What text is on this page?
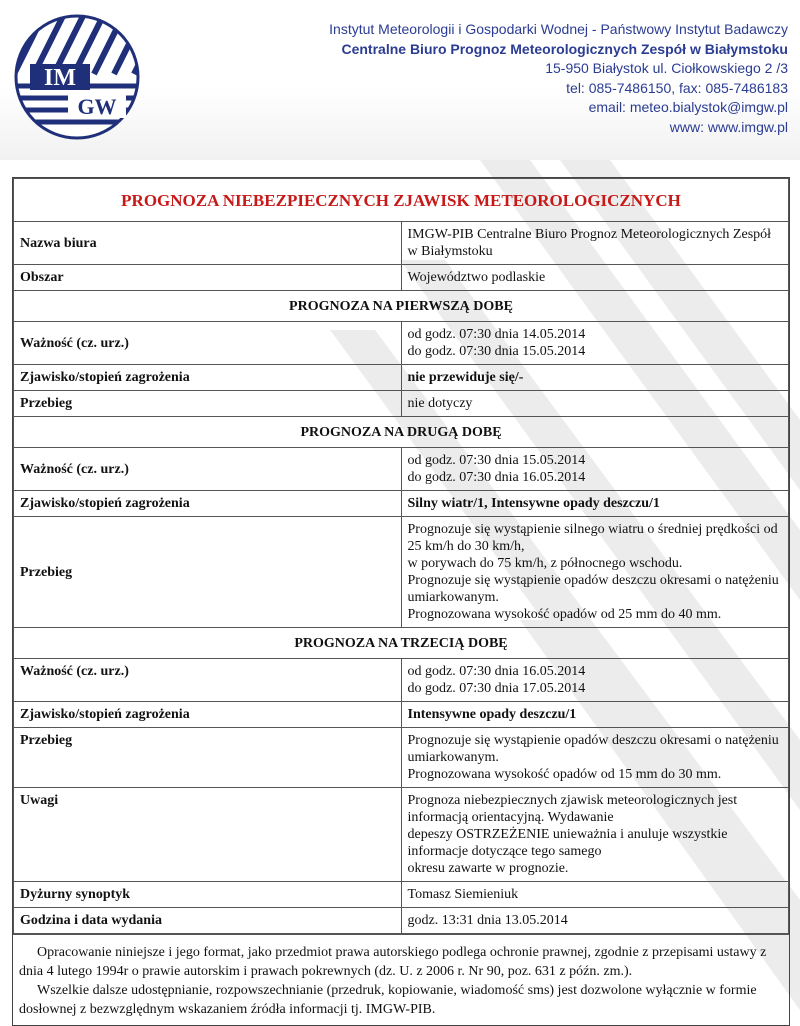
IM
GW
Instytut Meteorologii i Gospodarki Wodnej - Państwowy Instytut Badawczy
Centralne Biuro Prognoz Meteorologicznych Zespół w Białymstoku
15-950 Białystok ul. Ciołkowskiego 2 /3
tel: 085-7486150, fax: 085-7486183
email: meteo.bialystok@imgw.pl
www: www.imgw.pl
PROGNOZA NIEBEZPIECZNYCH ZJAWISK METEOROLOGICZNYCH	
Nazwa biura	IMGW-PIB Centralne Biuro Prognoz Meteorologicznych Zespół w Białymstoku
Obszar	Województwo podlaskie
PROGNOZA NA PIERWSZĄ DOBĘ	
Ważność (cz. urz.)	od godz. 07:30 dnia 14.05.2014
do godz. 07:30 dnia 15.05.2014

Zjawisko/stopień zagrożenia	nie przewiduje się/-
Przebieg	nie dotyczy
PROGNOZA NA DRUGĄ DOBĘ	
Ważność (cz. urz.)	od godz. 07:30 dnia 15.05.2014
do godz. 07:30 dnia 16.05.2014

Zjawisko/stopień zagrożenia	Silny wiatr/1, Intensywne opady deszczu/1
Przebieg	Prognozuje się wystąpienie silnego wiatru o średniej prędkości od 25 km/h do 30 km/h,
w porywach do 75 km/h, z północnego wschodu.
Prognozuje się wystąpienie opadów deszczu okresami o natężeniu umiarkowanym.
Prognozowana wysokość opadów od 25 mm do 40 mm.

PROGNOZA NA TRZECIĄ DOBĘ	
Ważność (cz. urz.)	od godz. 07:30 dnia 16.05.2014
do godz. 07:30 dnia 17.05.2014

Zjawisko/stopień zagrożenia	Intensywne opady deszczu/1
Przebieg	Prognozuje się wystąpienie opadów deszczu okresami o natężeniu umiarkowanym.
Prognozowana wysokość opadów od 15 mm do 30 mm.

Uwagi	Prognoza niebezpiecznych zjawisk meteorologicznych jest informacją orientacyjną. Wydawanie
depeszy OSTRZEŻENIE unieważnia i anuluje wszystkie informacje dotyczące tego samego
okresu zawarte w prognozie.

Dyżurny synoptyk	Tomasz Siemieniuk
Godzina i data wydania	godz. 13:31 dnia 13.05.2014

Opracowanie niniejsze i jego format, jako przedmiot prawa autorskiego podlega ochronie prawnej, zgodnie z przepisami ustawy z dnia 4 lutego 1994r o prawie autorskim i prawach pokrewnych (dz. U. z 2006 r. Nr 90, poz. 631 z późn. zm.).

Wszelkie dalsze udostępnianie, rozpowszechnianie (przedruk, kopiowanie, wiadomość sms) jest dozwolone wyłącznie w formie dosłownej z bezwzględnym wskazaniem źródła informacji tj. IMGW-PIB.
